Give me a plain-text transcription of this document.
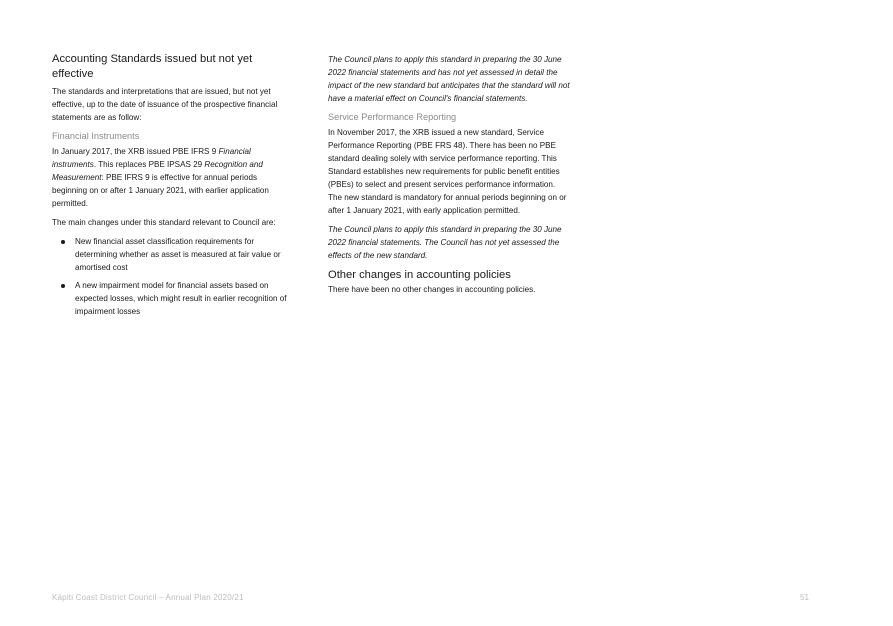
Accounting Standards issued but not yet effective

The standards and interpretations that are issued, but not yet effective, up to the date of issuance of the prospective financial statements are as follow:

Financial Instruments

In January 2017, the XRB issued PBE IFRS 9 Financial instruments. This replaces PBE IPSAS 29 Recognition and Measurement: PBE IFRS 9 is effective for annual periods beginning on or after 1 January 2021, with earlier application permitted.

The main changes under this standard relevant to Council are:

New financial asset classification requirements for determining whether as asset is measured at fair value or amortised cost
A new impairment model for financial assets based on expected losses, which might result in earlier recognition of impairment losses

The Council plans to apply this standard in preparing the 30 June 2022 financial statements and has not yet assessed in detail the impact of the new standard but anticipates that the standard will not have a material effect on Council's financial statements.

Service Performance Reporting

In November 2017, the XRB issued a new standard, Service Performance Reporting (PBE FRS 48). There has been no PBE standard dealing solely with service performance reporting. This Standard establishes new requirements for public benefit entities (PBEs) to select and present services performance information. The new standard is mandatory for annual periods beginning on or after 1 January 2021, with early application permitted.

The Council plans to apply this standard in preparing the 30 June 2022 financial statements. The Council has not yet assessed the effects of the new standard.

Other changes in accounting policies

There have been no other changes in accounting policies.

Kāpiti Coast District Council – Annual Plan 2020/21	51
